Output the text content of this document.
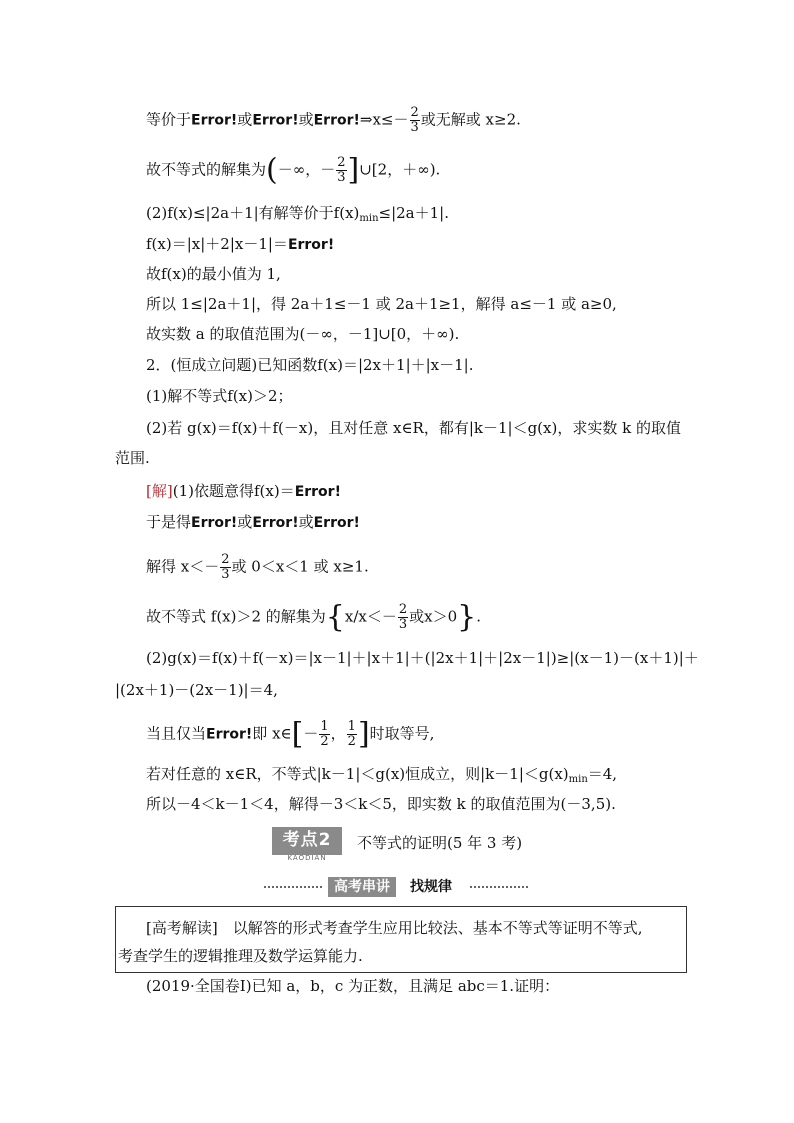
等价于Error!或Error!或Error!⇒x≤－ $\frac{2}{3}$ 或无解或 x≥2.
故不等式的解集为(－∞，－ $\frac{2}{3}$ ]∪[2，＋∞).
(2)f(x)≤|2a＋1|有解等价于$f(x)_{min}\le|2a+1|$.
f(x)＝|x|＋2|x－1|＝Error!
故f(x)的最小值为 1,
所以 1≤|2a＋1|，得 2a＋1≤－1 或 2a＋1≥1，解得 a≤－1 或 a≥0,
故实数 a 的取值范围为(－∞，－1]∪[0，＋∞).
2．(恒成立问题)已知函数f(x)＝|2x＋1|＋|x－1|.
(1)解不等式f(x)＞2；
(2)若 g(x)＝f(x)＋f(－x)，且对任意 x∈R，都有|k－1|＜g(x)，求实数 k 的取值
范围.
[解](1)依题意得f(x)＝Error!
于是得Error!或Error!或Error!
解得 $x<- \frac{2}{3}$ 或 0＜x＜1 或 x≥1.
故不等式 f(x)＞2 的解集为{$x/x<- \frac{2}{3}$ 或x＞0}.
(2)g(x)＝f(x)＋f(－x)＝|x－1|＋|x＋1|＋(|2x＋1|＋|2x－1|)≥|(x－1)－(x＋1)|＋
|(2x＋1)－(2x－1)|＝4,
当且仅当Error!即 x∈[－ $\frac{1}{2}$ ， $\frac{1}{2}$ ]时取等号,
若对任意的 x∈R，不等式|k－1|＜g(x)恒成立，则$|k-1|<g(x)_{min}=4$,
所以－4＜k－1＜4，解得－3＜k＜5，即实数 k 的取值范围为(－3,5).
考点2
KAODIAN
不等式的证明(5 年 3 考)
高考串讲	找规律
[高考解读]　以解答的形式考查学生应用比较法、基本不等式等证明不等式,
考查学生的逻辑推理及数学运算能力.
(2019·全国卷Ⅰ)已知 a，b，c 为正数，且满足 abc＝1.证明：
